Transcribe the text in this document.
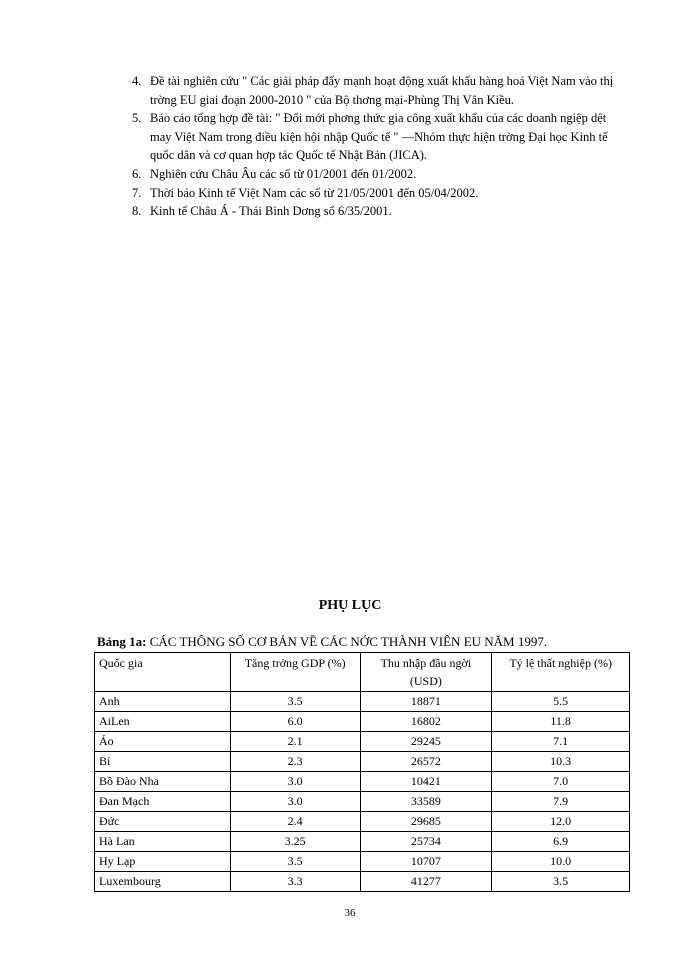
4. Đề tài nghiên cứu " Các giải pháp đẩy mạnh hoạt động xuất khẩu hàng hoá Việt Nam vào thị trờng EU giai đoạn 2000-2010 " của Bộ thơng mại-Phùng Thị Vân Kiều.
5. Báo cáo tổng hợp đề tài: " Đổi mới phơng thức gia công xuất khẩu của các doanh ngiệp dệt may Việt Nam trong điều kiện hội nhập Quốc tế " —Nhóm thực hiện trờng Đại học Kinh tế quốc dân và cơ quan hợp tác Quốc tế Nhật Bản (JICA).
6. Nghiên cứu Châu Âu các số từ 01/2001 đến 01/2002.
7. Thời báo Kinh tế Việt Nam các số từ 21/05/2001 đến 05/04/2002.
8. Kinh tế Châu Á - Thái Bình Dơng số 6/35/2001.
PHỤ LỤC
Bảng 1a: CÁC THÔNG SỐ CƠ BẢN VỀ CÁC NỚC THÀNH VIÊN EU NĂM 1997.
Quốc gia	Tăng trởng GDP (%)	Thu nhập đầu ngời (USD)	Tỷ lệ thất nghiệp (%)
Anh	3.5	18871	5.5
AiLen	6.0	16802	11.8
Áo	2.1	29245	7.1
Bỉ	2.3	26572	10.3
Bồ Đào Nha	3.0	10421	7.0
Đan Mạch	3.0	33589	7.9
Đức	2.4	29685	12.0
Hà Lan	3.25	25734	6.9
Hy Lạp	3.5	10707	10.0
Luxembourg	3.3	41277	3.5
36
